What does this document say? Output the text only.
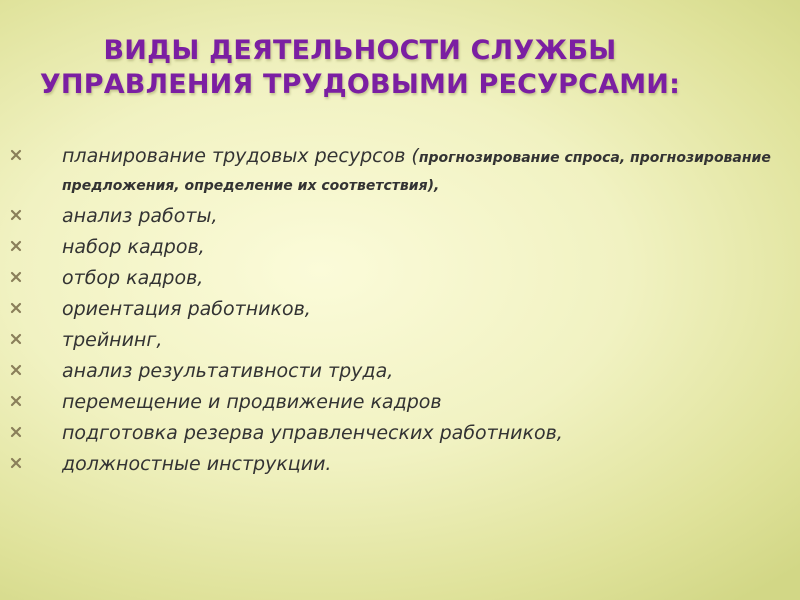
ВИДЫ ДЕЯТЕЛЬНОСТИ СЛУЖБЫ
УПРАВЛЕНИЯ ТРУДОВЫМИ РЕСУРСАМИ:
планирование трудовых ресурсов (прогнозирование спроса, прогнозирование предложения, определение их соответствия),
анализ работы,
набор кадров,
отбор кадров,
ориентация работников,
трейнинг,
анализ результативности труда,
перемещение и продвижение кадров
подготовка резерва управленческих работников,
должностные инструкции.
